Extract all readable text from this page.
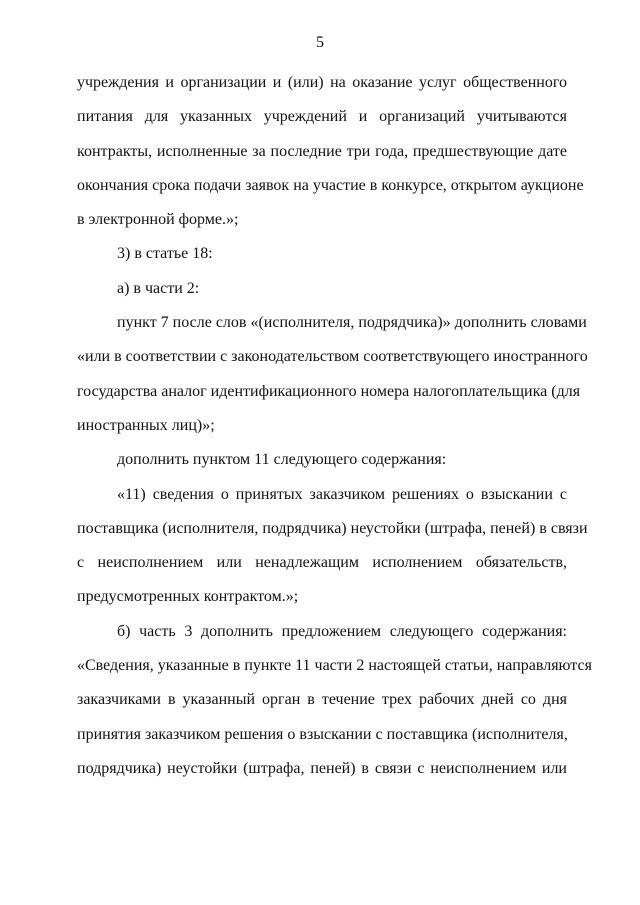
5
учреждения и организации и (или) на оказание услуг общественного
питания для указанных учреждений и организаций учитываются
контракты, исполненные за последние три года, предшествующие дате
окончания срока подачи заявок на участие в конкурсе, открытом аукционе
в электронной форме.»;
3) в статье 18:
а) в части 2:
пункт 7 после слов «(исполнителя, подрядчика)» дополнить словами
«или в соответствии с законодательством соответствующего иностранного
государства аналог идентификационного номера налогоплательщика (для
иностранных лиц)»;
дополнить пунктом 11 следующего содержания:
«11) сведения о принятых заказчиком решениях о взыскании с
поставщика (исполнителя, подрядчика) неустойки (штрафа, пеней) в связи
с неисполнением или ненадлежащим исполнением обязательств,
предусмотренных контрактом.»;
б) часть 3 дополнить предложением следующего содержания:
«Сведения, указанные в пункте 11 части 2 настоящей статьи, направляются
заказчиками в указанный орган в течение трех рабочих дней со дня
принятия заказчиком решения о взыскании с поставщика (исполнителя,
подрядчика) неустойки (штрафа, пеней) в связи с неисполнением или
